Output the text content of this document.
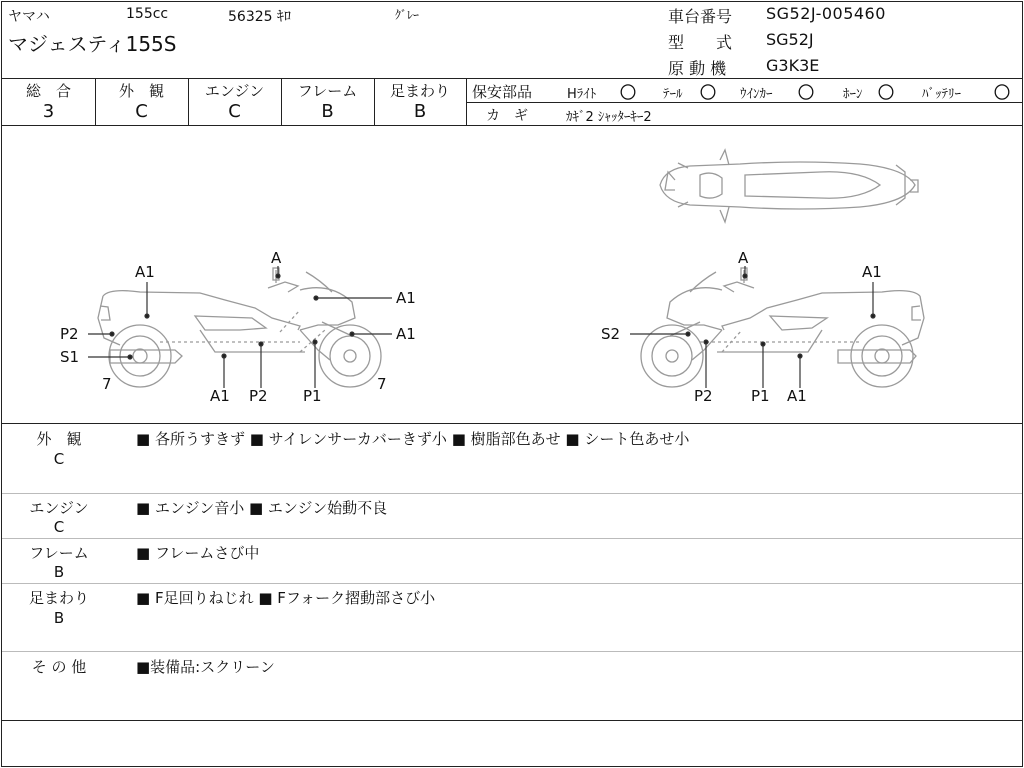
ヤマハ	155cc	56325 ｷﾛ	ｸﾞﾚｰ
マジェスティ155S
車台番号 SG52J-005460
型　　式 SG52J
原 動 機 G3K3E
総　合
3
外　観
C
エンジン
C
フレーム
B
足まわり
B
保安部品	Hﾗｲﾄ 〇 ﾃｰﾙ 〇 ｳｲﾝｶｰ 〇 ﾎｰﾝ 〇 ﾊﾞｯﾃﾘｰ 〇
カ　ギ	ｶｷﾞ2 ｼｬｯﾀｰｷｰ2
A
A1
A1
P2	A1
S1
7
A1 P2 P1
7
A
A1
S2
P2	P1 A1
外　観
C
■ 各所うすきず ■ サイレンサーカバーきず小 ■ 樹脂部色あせ ■ シート色あせ小
エンジン
C
■ エンジン音小 ■ エンジン始動不良
フレーム
B
■ フレームさび中
足まわり
B
■ F足回りねじれ ■ Fフォーク摺動部さび小
そ の 他	■装備品:スクリーン
